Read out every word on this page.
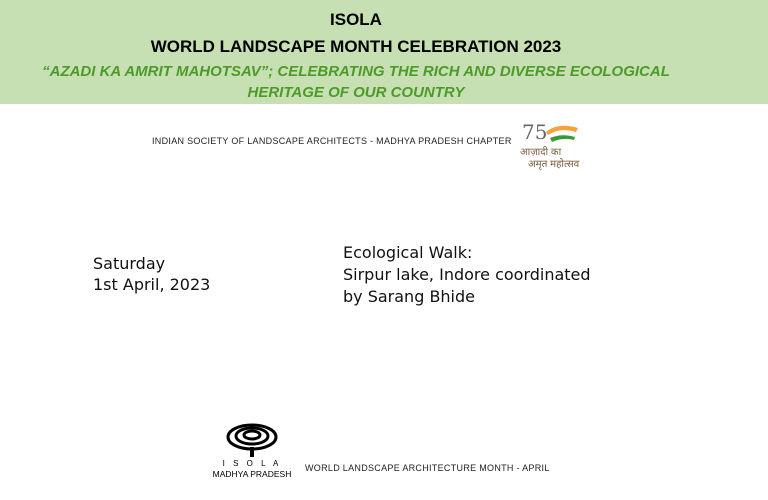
ISOLA
WORLD LANDSCAPE MONTH CELEBRATION 2023
“AZADI KA AMRIT MAHOTSAV”; CELEBRATING THE RICH AND DIVERSE ECOLOGICAL
HERITAGE OF OUR COUNTRY
INDIAN SOCIETY OF LANDSCAPE ARCHITECTS - MADHYA PRADESH CHAPTER 75
आज़ादी का
अमृत महोत्सव
Saturday
1st April, 2023
Ecological Walk:
Sirpur lake, Indore coordinated
by Sarang Bhide
I S O L A
MADHYA PRADESH
WORLD LANDSCAPE ARCHITECTURE MONTH - APRIL
